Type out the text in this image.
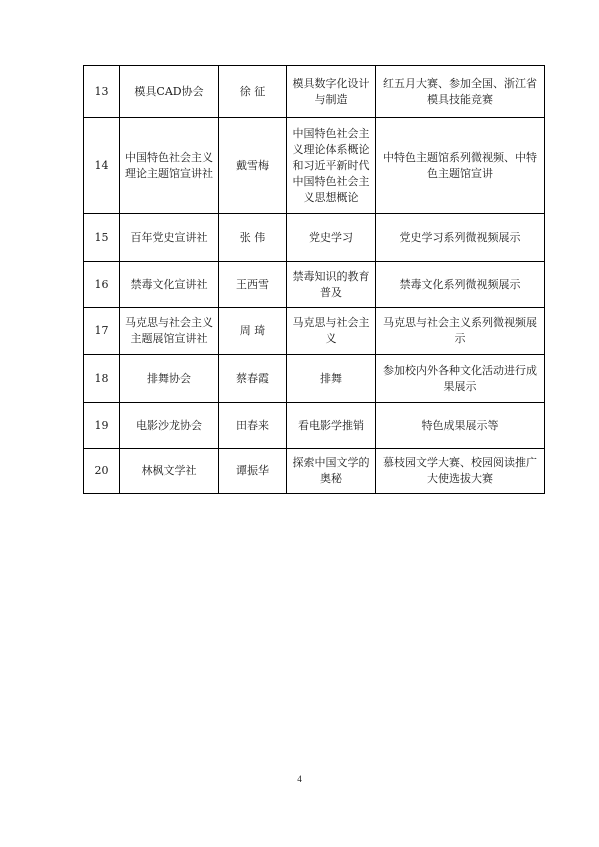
13	模具CAD协会	徐 征	模具数字化设计与制造	红五月大赛、参加全国、浙江省模具技能竞赛
14	中国特色社会主义理论主题馆宣讲社	戴雪梅	中国特色社会主义理论体系概论和习近平新时代中国特色社会主义思想概论	中特色主题馆系列微视频、中特色主题馆宣讲
15	百年党史宣讲社	张 伟	党史学习	党史学习系列微视频展示
16	禁毒文化宣讲社	王西雪	禁毒知识的教育普及	禁毒文化系列微视频展示
17	马克思与社会主义主题展馆宣讲社	周 琦	马克思与社会主义	马克思与社会主义系列微视频展示
18	排舞协会	蔡春霞	排舞	参加校内外各种文化活动进行成果展示
19	电影沙龙协会	田春来	看电影学推销	特色成果展示等
20	林枫文学社	谭振华	探索中国文学的奥秘	慕枝园文学大赛、校园阅读推广大使选拔大赛
4
